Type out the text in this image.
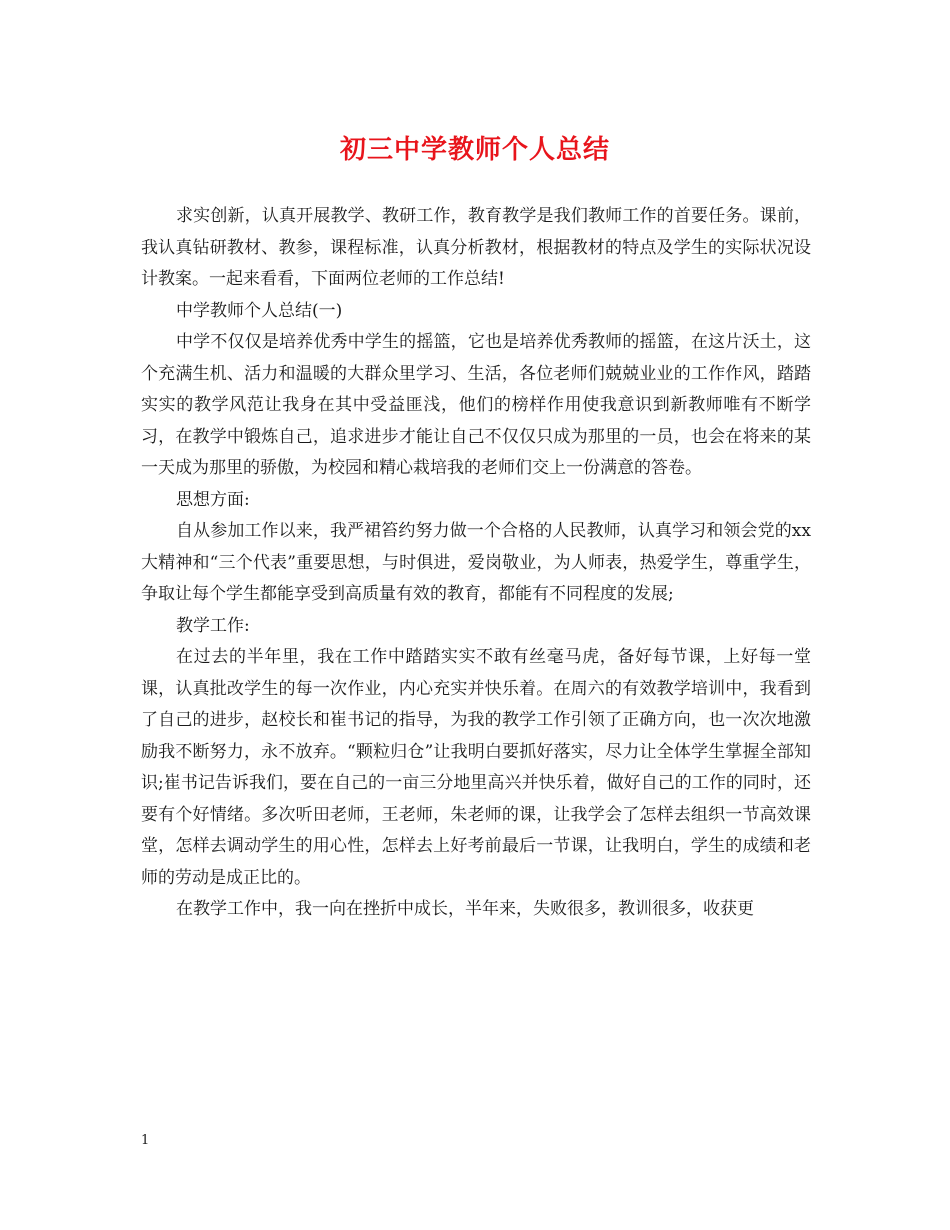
初三中学教师个人总结

求实创新，认真开展教学、教研工作，教育教学是我们教师工作的首要任务。课前，我认真钻研教材、教参，课程标准，认真分析教材，根据教材的特点及学生的实际状况设计教案。一起来看看，下面两位老师的工作总结!

中学教师个人总结(一)

中学不仅仅是培养优秀中学生的摇篮，它也是培养优秀教师的摇篮，在这片沃土，这个充满生机、活力和温暖的大群众里学习、生活，各位老师们兢兢业业的工作作风，踏踏实实的教学风范让我身在其中受益匪浅，他们的榜样作用使我意识到新教师唯有不断学习，在教学中锻炼自己，追求进步才能让自己不仅仅只成为那里的一员，也会在将来的某一天成为那里的骄傲，为校园和精心栽培我的老师们交上一份满意的答卷。

思想方面:

自从参加工作以来，我严裙笞约努力做一个合格的人民教师，认真学习和领会党的xx大精神和“三个代表”重要思想，与时俱进，爱岗敬业，为人师表，热爱学生，尊重学生，争取让每个学生都能享受到高质量有效的教育，都能有不同程度的发展;

教学工作:

在过去的半年里，我在工作中踏踏实实不敢有丝毫马虎，备好每节课，上好每一堂课，认真批改学生的每一次作业，内心充实并快乐着。在周六的有效教学培训中，我看到了自己的进步，赵校长和崔书记的指导，为我的教学工作引领了正确方向，也一次次地激励我不断努力，永不放弃。“颗粒归仓”让我明白要抓好落实，尽力让全体学生掌握全部知识;崔书记告诉我们，要在自己的一亩三分地里高兴并快乐着，做好自己的工作的同时，还要有个好情绪。多次听田老师，王老师，朱老师的课，让我学会了怎样去组织一节高效课堂，怎样去调动学生的用心性，怎样去上好考前最后一节课，让我明白，学生的成绩和老师的劳动是成正比的。

在教学工作中，我一向在挫折中成长，半年来，失败很多，教训很多，收获更

1
